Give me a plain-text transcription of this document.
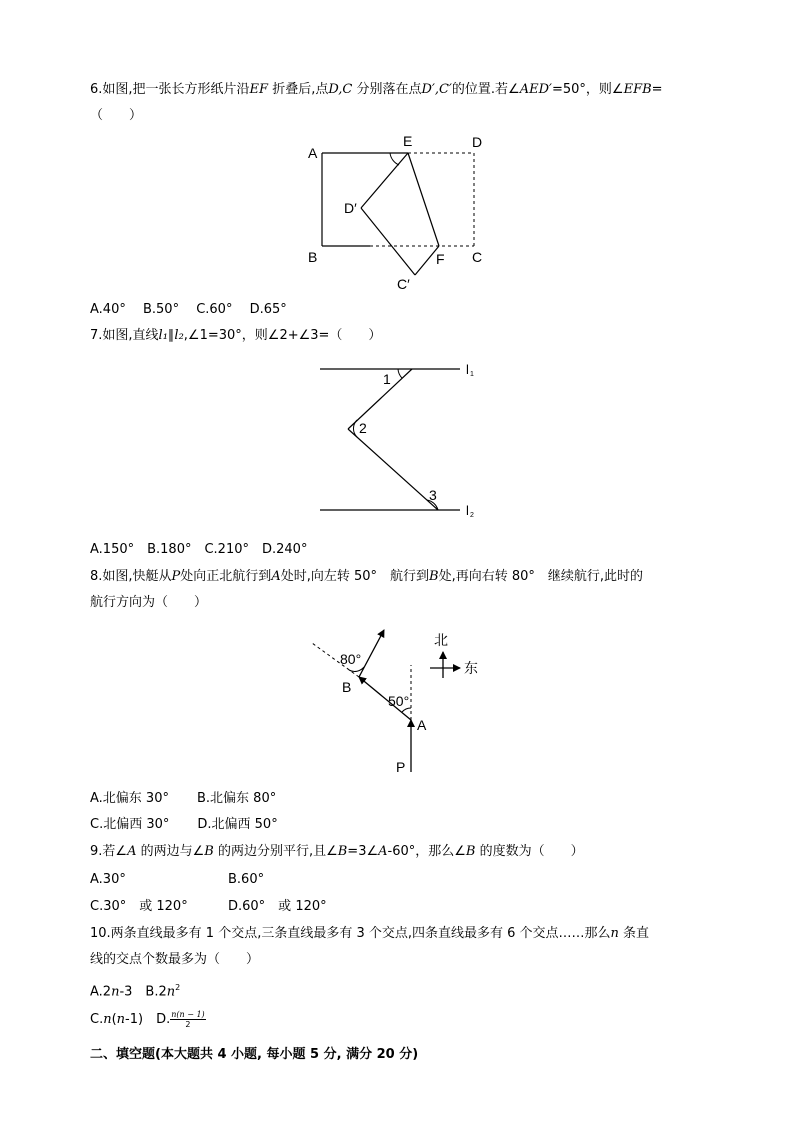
6.如图,把一张长方形纸片沿EF 折叠后,点D,C 分别落在点D′,C′的位置.若∠AED′=50°，则∠EFB=
（　　）
A
E	D
D′
B	F C
C′
A.40°　 B.50°　 C.60°　 D.65°
7.如图,直线l₁∥l₂,∠1=30°，则∠2+∠3=（　　）
1
2
3
l 1
l 2
A.150°　B.180°　C.210°　D.240°
8.如图,快艇从P处向正北航行到A处时,向左转 50°　航行到B处,再向右转 80°　继续航行,此时的
航行方向为（　　）
北
东
80°
B
50°
A
P
A.北偏东 30° B.北偏东 80°
C.北偏西 30° D.北偏西 50°
9.若∠A 的两边与∠B 的两边分别平行,且∠B=3∠A-60°，那么∠B 的度数为（　　）
A.30°	B.60°
C.30°　或 120°	D.60°　或 120°
10.两条直线最多有 1 个交点,三条直线最多有 3 个交点,四条直线最多有 6 个交点……那么n 条直
线的交点个数最多为（　　）
A.2n-3　$B.2n^2$
C.n(n-1)　D. $\frac{n(n - 1)}{2}$
二、填空题(本大题共 4 小题, 每小题 5 分, 满分 20 分)
